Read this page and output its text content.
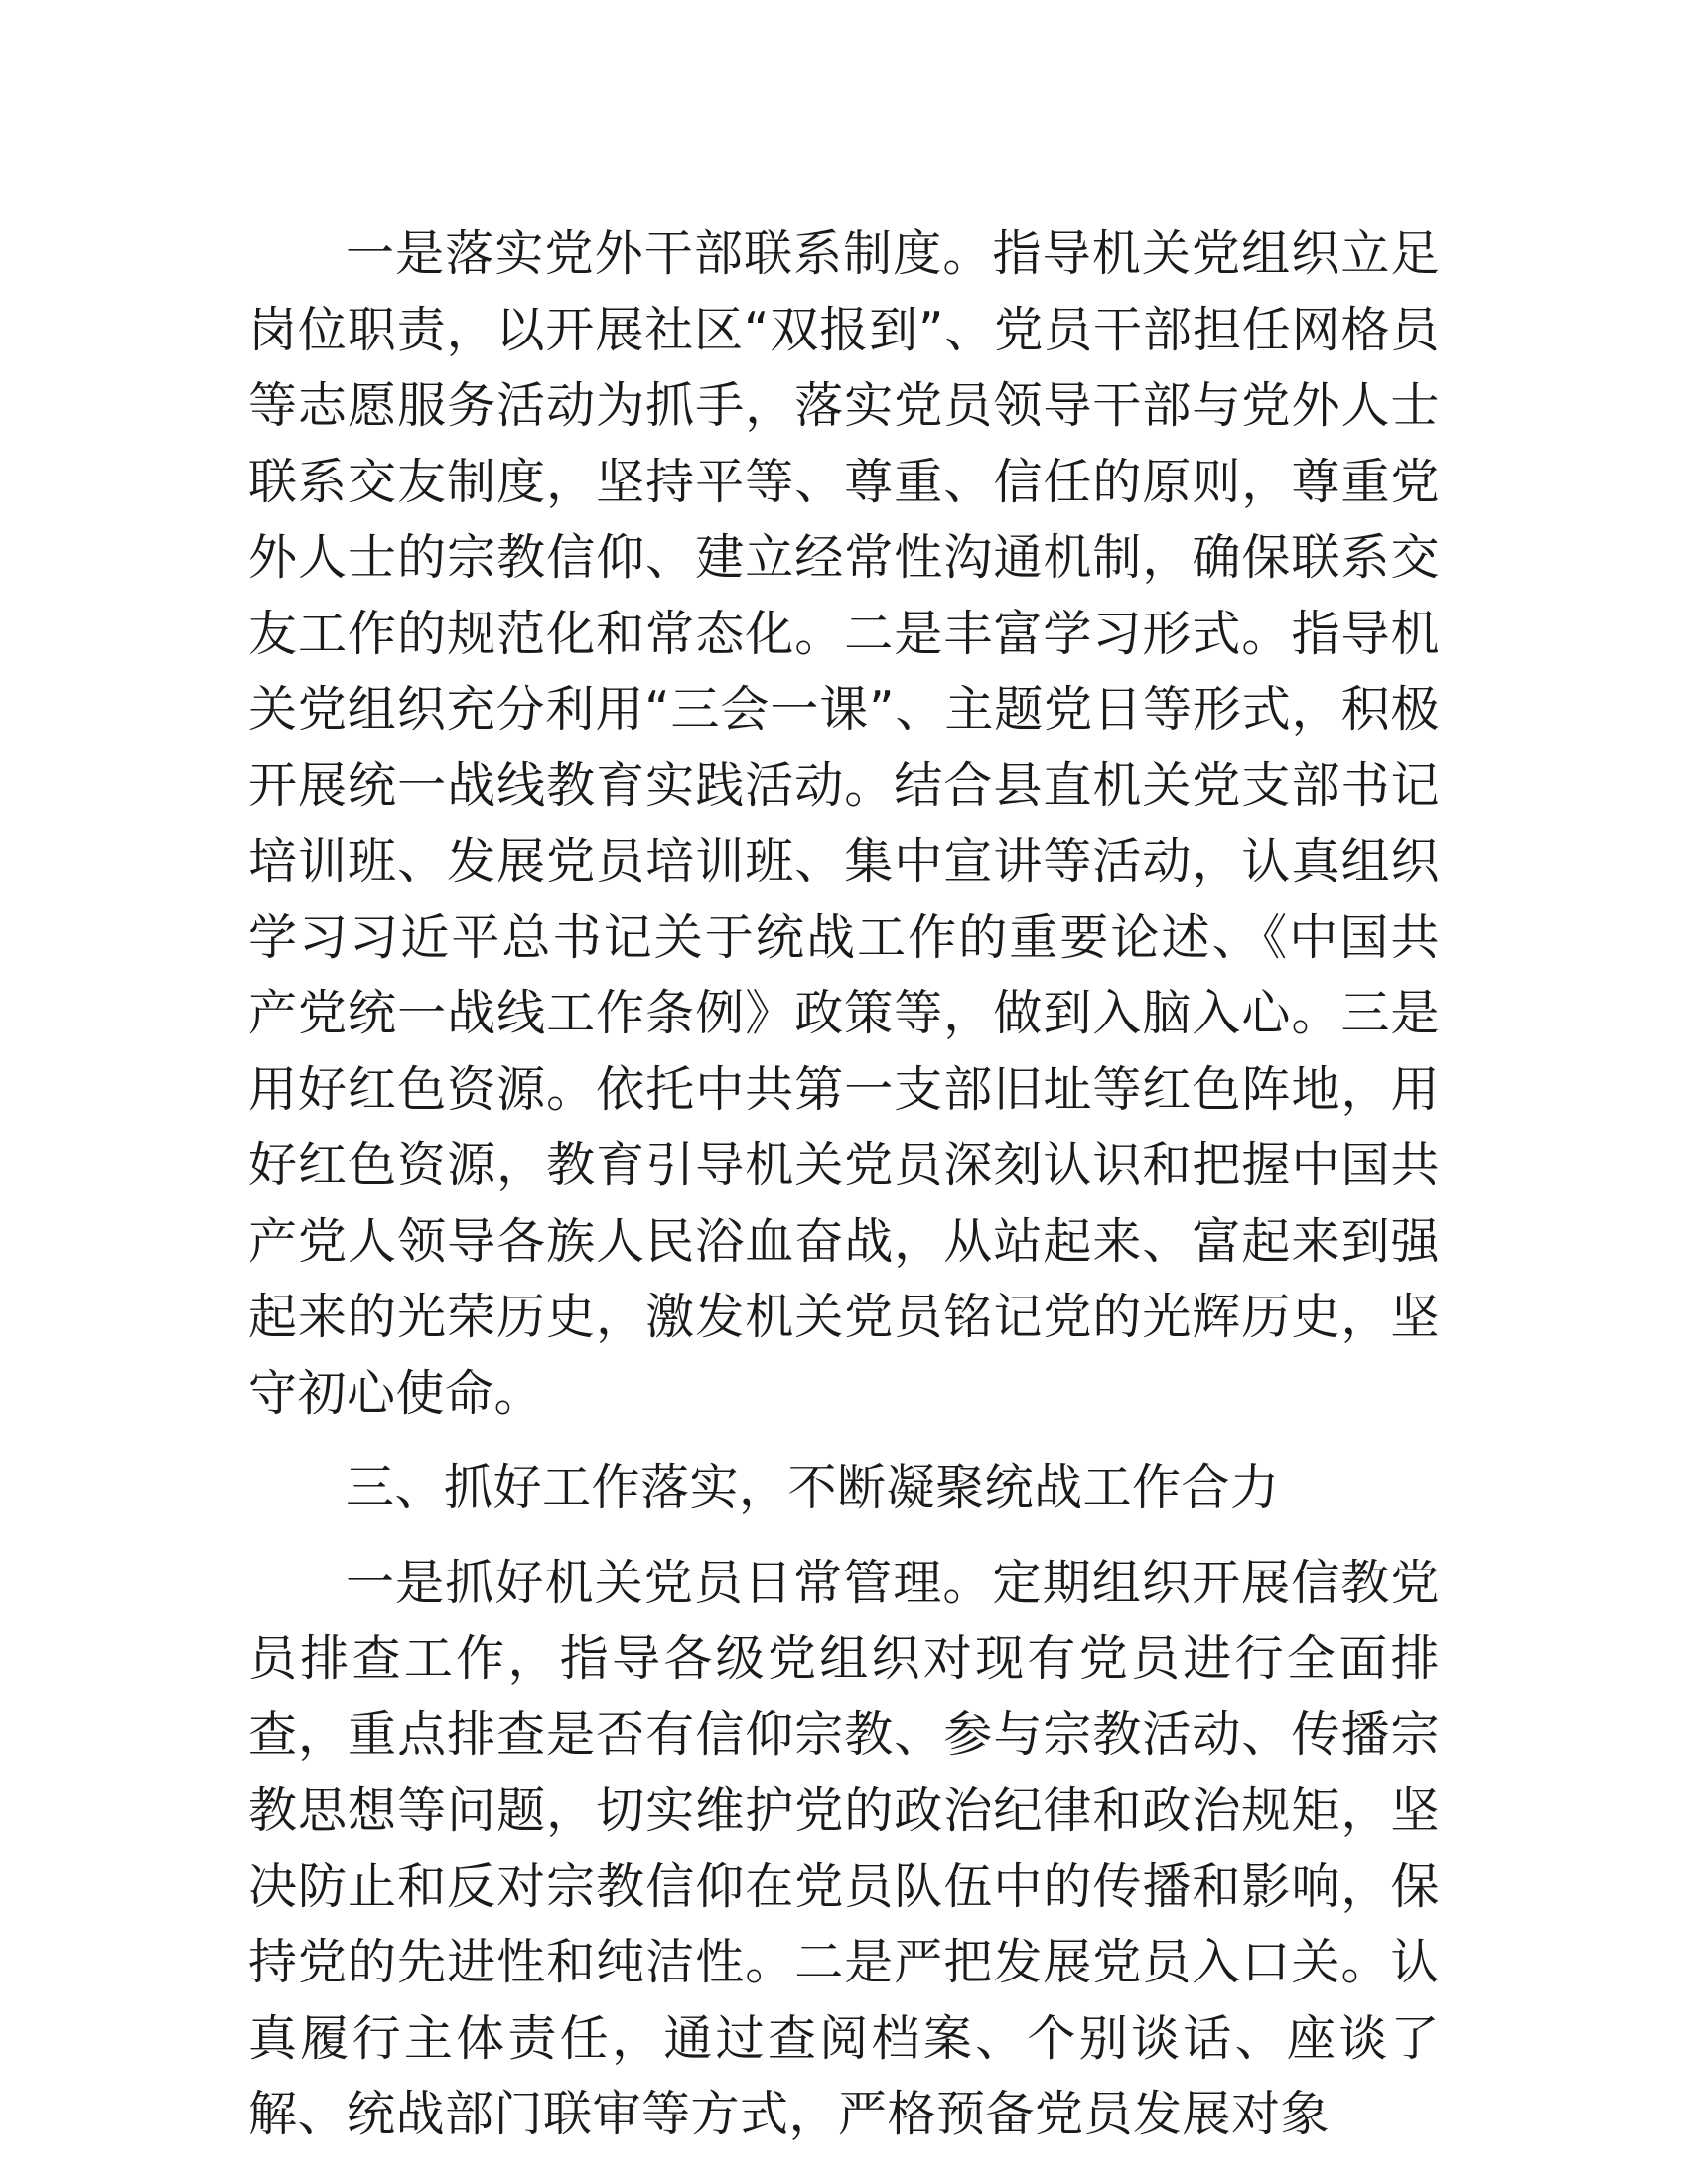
一是落实党外干部联系制度。指导机关党组织立足岗位职责，以开展社区“双报到”、党员干部担任网格员等志愿服务活动为抓手，落实党员领导干部与党外人士联系交友制度，坚持平等、尊重、信任的原则，尊重党外人士的宗教信仰、建立经常性沟通机制，确保联系交友工作的规范化和常态化。二是丰富学习形式。指导机关党组织充分利用“三会一课”、主题党日等形式，积极开展统一战线教育实践活动。结合县直机关党支部书记培训班、发展党员培训班、集中宣讲等活动，认真组织学习习近平总书记关于统战工作的重要论述、《中国共产党统一战线工作条例》政策等，做到入脑入心。三是用好红色资源。依托中共第一支部旧址等红色阵地，用好红色资源，教育引导机关党员深刻认识和把握中国共产党人领导各族人民浴血奋战，从站起来、富起来到强起来的光荣历史，激发机关党员铭记党的光辉历史，坚守初心使命。

三、抓好工作落实，不断凝聚统战工作合力

一是抓好机关党员日常管理。定期组织开展信教党员排查工作，指导各级党组织对现有党员进行全面排查，重点排查是否有信仰宗教、参与宗教活动、传播宗教思想等问题，切实维护党的政治纪律和政治规矩，坚决防止和反对宗教信仰在党员队伍中的传播和影响，保持党的先进性和纯洁性。二是严把发展党员入口关。认真履行主体责任，通过查阅档案、个别谈话、座谈了解、统战部门联审等方式，严格预备党员发展对象
